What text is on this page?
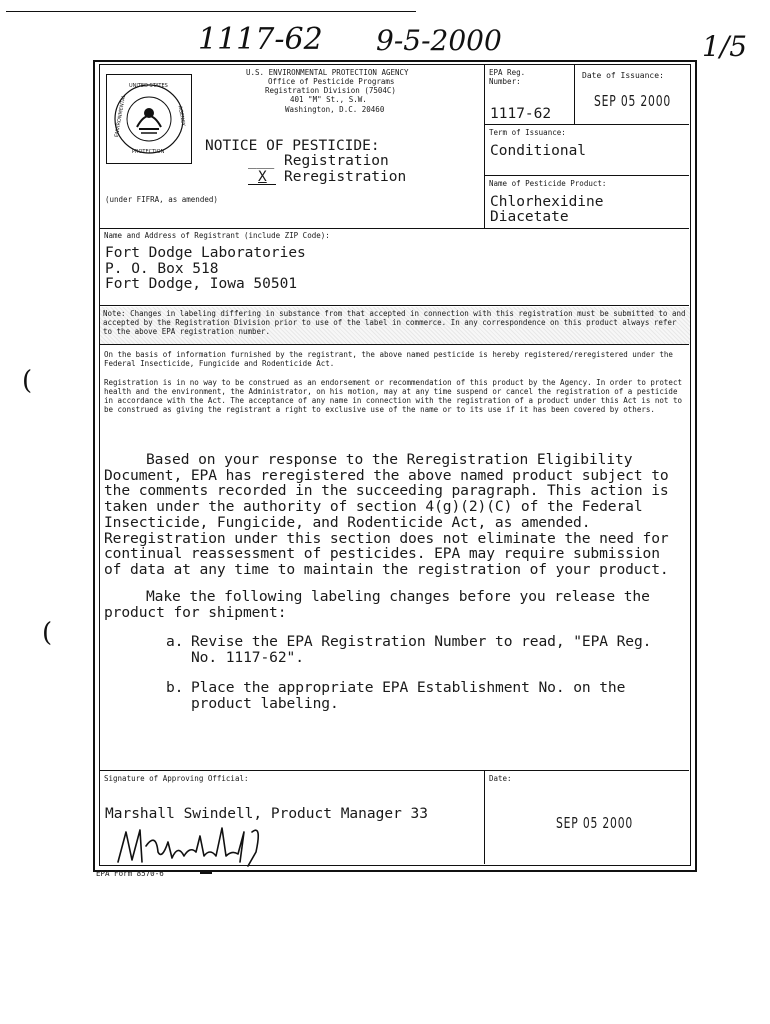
1117-62 9-5-2000	1/5
U.S. ENVIRONMENTAL PROTECTION AGENCY
Office of Pesticide Programs
Registration Division (7504C)
401 "M" St., S.W.
Washington, D.C. 20460
UNITED STATES
ENVIRONMENTAL	AGENCY
PROTECTION	NOTICE OF PESTICIDE:
___ Registration
X Reregistration
(under FIFRA, as amended)
EPA Reg.
Number:
1117-62
Date of Issuance:
SEP 05 2000
Term of Issuance:
Conditional
Name of Pesticide Product:
Chlorhexidine
Diacetate
Name and Address of Registrant (include ZIP Code):
Fort Dodge Laboratories
P. O. Box 518
Fort Dodge, Iowa 50501
Note: Changes in labeling differing in substance from that accepted in connection with this registration must be submitted to and accepted by the Registration Division prior to use of the label in commerce. In any correspondence on this product always refer to the above EPA registration number.
On the basis of information furnished by the registrant, the above named pesticide is hereby registered/reregistered under the Federal Insecticide, Fungicide and Rodenticide Act.
Registration is in no way to be construed as an endorsement or recommendation of this product by the Agency. In order to protect health and the environment, the Administrator, on his motion, may at any time suspend or cancel the registration of a pesticide in accordance with the Act. The acceptance of any name in connection with the registration of a product under this Act is not to be construed as giving the registrant a right to exclusive use of the name or to its use if it has been covered by others.
Based on your response to the Reregistration Eligibility Document, EPA has reregistered the above named product subject to the comments recorded in the succeeding paragraph. This action is taken under the authority of section 4(g)(2)(C) of the Federal Insecticide, Fungicide, and Rodenticide Act, as amended. Reregistration under this section does not eliminate the need for continual reassessment of pesticides. EPA may require submission of data at any time to maintain the registration of your product.
Make the following labeling changes before you release the product for shipment:
a. Revise the EPA Registration Number to read, "EPA Reg. No. 1117-62".
b. Place the appropriate EPA Establishment No. on the product labeling.
Signature of Approving Official:
Marshall Swindell, Product Manager 33
Date:
SEP 05 2000
EPA Form 8570-6
(
(
